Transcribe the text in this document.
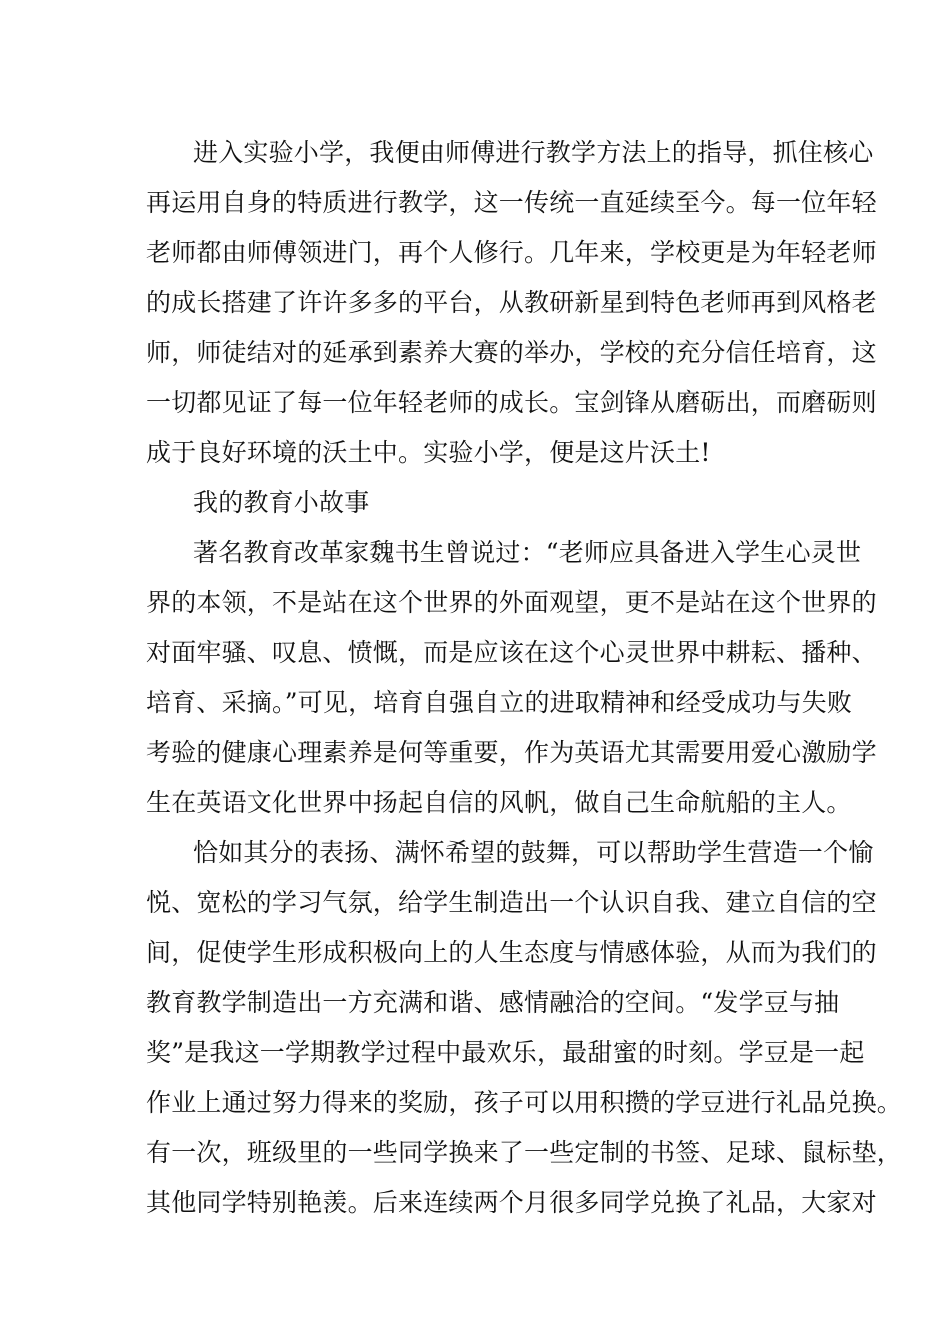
进入实验小学，我便由师傅进行教学方法上的指导，抓住核心
再运用自身的特质进行教学，这一传统一直延续至今。每一位年轻
老师都由师傅领进门，再个人修行。几年来，学校更是为年轻老师
的成长搭建了许许多多的平台，从教研新星到特色老师再到风格老
师，师徒结对的延承到素养大赛的举办，学校的充分信任培育，这
一切都见证了每一位年轻老师的成长。宝剑锋从磨砺出，而磨砺则
成于良好环境的沃土中。实验小学，便是这片沃土!
我的教育小故事
著名教育改革家魏书生曾说过：“老师应具备进入学生心灵世
界的本领，不是站在这个世界的外面观望，更不是站在这个世界的
对面牢骚、叹息、愤慨，而是应该在这个心灵世界中耕耘、播种、
培育、采摘。”可见，培育自强自立的进取精神和经受成功与失败
考验的健康心理素养是何等重要，作为英语尤其需要用爱心激励学
生在英语文化世界中扬起自信的风帆，做自己生命航船的主人。
恰如其分的表扬、满怀希望的鼓舞，可以帮助学生营造一个愉
悦、宽松的学习气氛，给学生制造出一个认识自我、建立自信的空
间，促使学生形成积极向上的人生态度与情感体验，从而为我们的
教育教学制造出一方充满和谐、感情融洽的空间。“发学豆与抽
奖”是我这一学期教学过程中最欢乐，最甜蜜的时刻。学豆是一起
作业上通过努力得来的奖励，孩子可以用积攒的学豆进行礼品兑换。
有一次，班级里的一些同学换来了一些定制的书签、足球、鼠标垫，
其他同学特别艳羡。后来连续两个月很多同学兑换了礼品，大家对
